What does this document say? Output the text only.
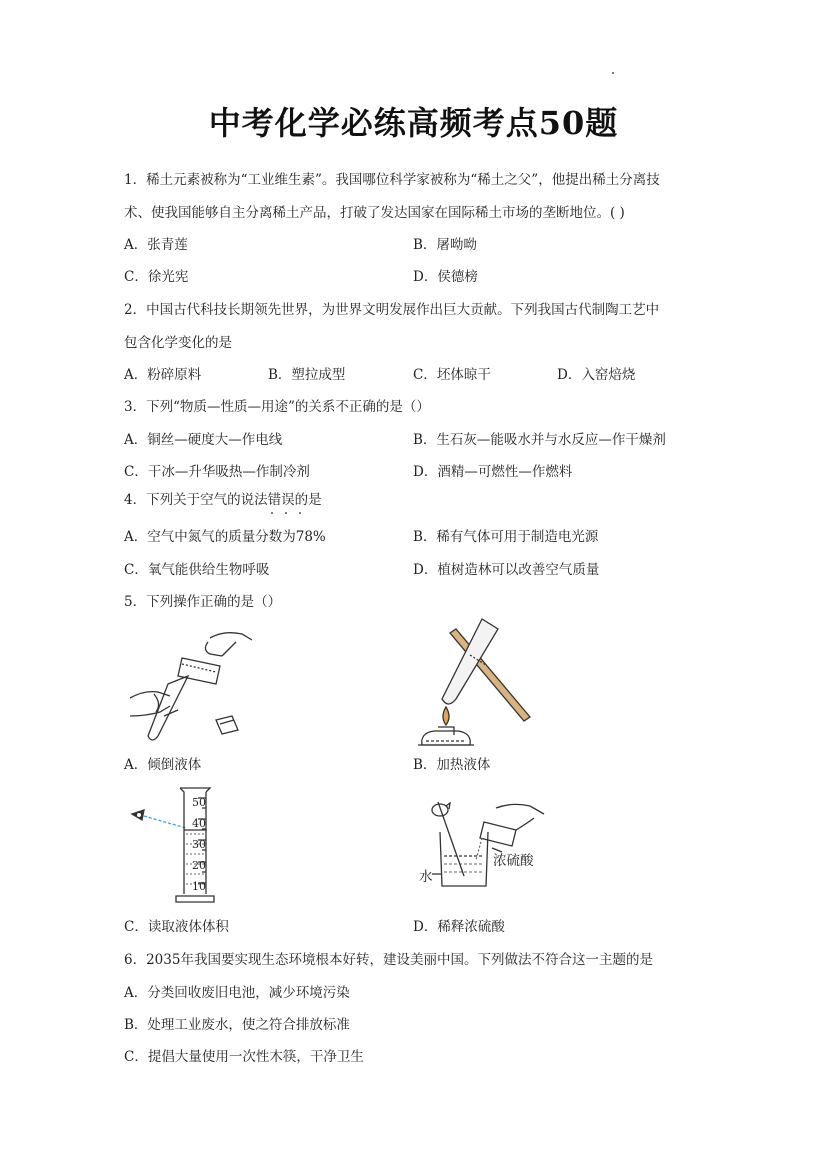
中考化学必练高频考点50题
1．稀土元素被称为“工业维生素”。我国哪位科学家被称为“稀土之父”，他提出稀土分离技
术、使我国能够自主分离稀土产品，打破了发达国家在国际稀土市场的垄断地位。( )
A．张青莲	B．屠呦呦
C．徐光宪	D．侯德榜
2．中国古代科技长期领先世界，为世界文明发展作出巨大贡献。下列我国古代制陶工艺中
包含化学变化的是
A．粉碎原料	B．塑拉成型	C．坯体晾干	D．入窑焙烧
3．下列“物质—性质—用途”的关系不正确的是（）
A．铜丝—硬度大—作电线	B．生石灰—能吸水并与水反应—作干燥剂
C．干冰—升华吸热—作制冷剂	D．酒精—可燃性—作燃料
4．下列关于空气的说法错误的是
A．空气中氮气的质量分数为78%	B．稀有气体可用于制造电光源
C．氧气能供给生物呼吸	D．植树造林可以改善空气质量
5．下列操作正确的是（）
A．倾倒液体	B．加热液体
50
40
30
20
10
C．读取液体体积
浓硫酸
水
D．稀释浓硫酸
6．2035年我国要实现生态环境根本好转，建设美丽中国。下列做法不符合这一主题的是
A．分类回收废旧电池，减少环境污染
B．处理工业废水，使之符合排放标准
C．提倡大量使用一次性木筷，干净卫生
